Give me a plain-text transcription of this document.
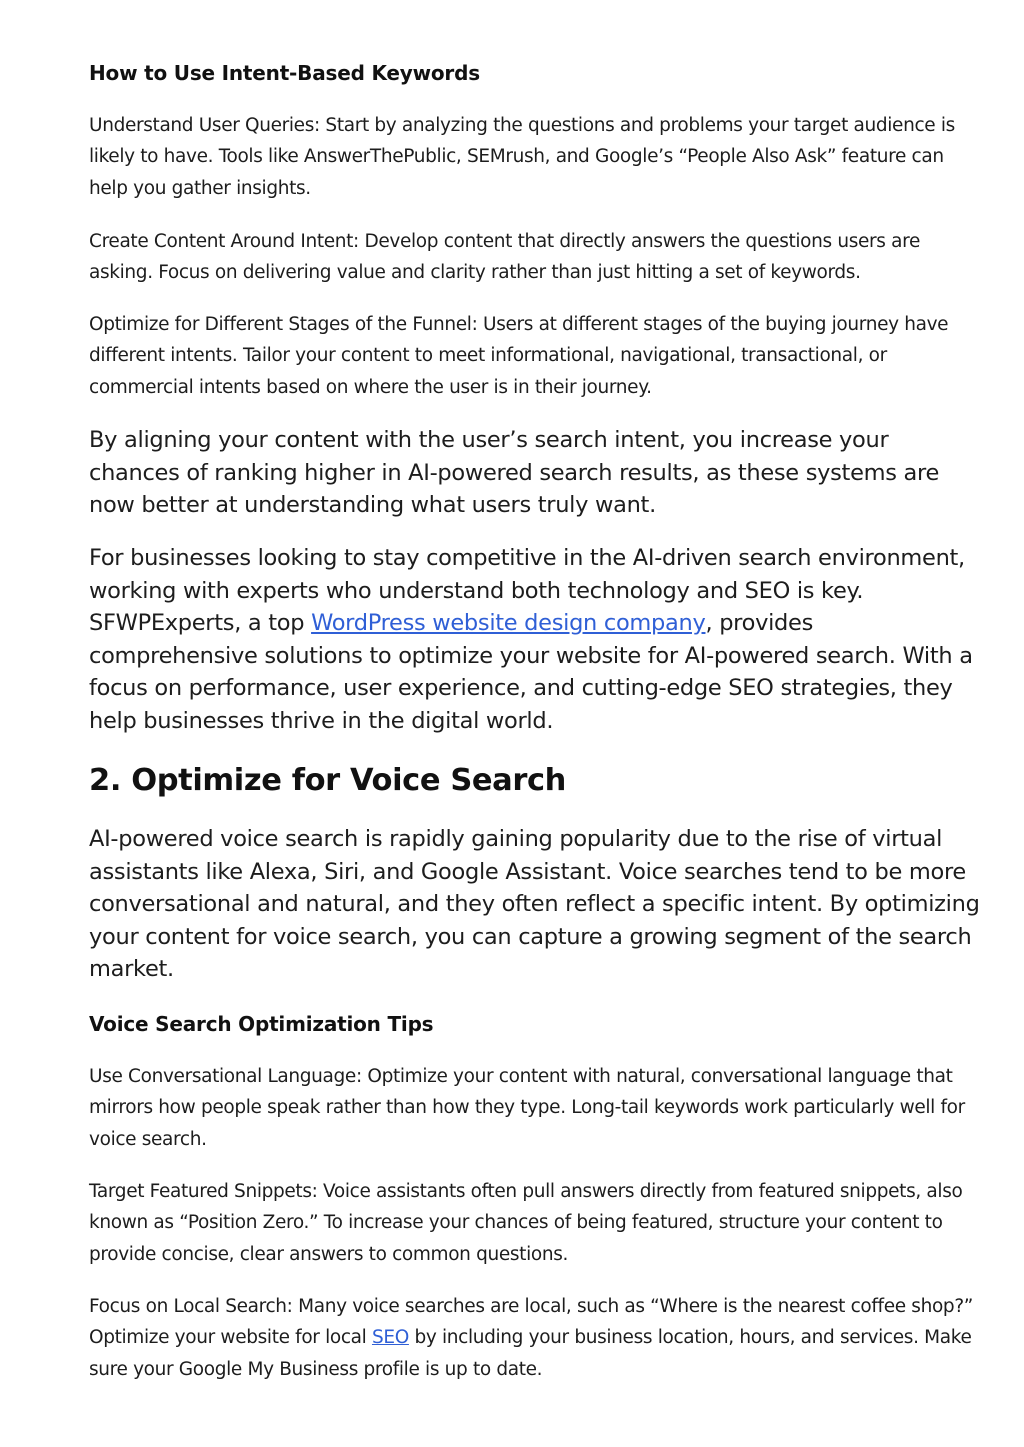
How to Use Intent-Based Keywords

Understand User Queries: Start by analyzing the questions and problems your target audience is likely to have. Tools like AnswerThePublic, SEMrush, and Google’s “People Also Ask” feature can help you gather insights.

Create Content Around Intent: Develop content that directly answers the questions users are asking. Focus on delivering value and clarity rather than just hitting a set of keywords.

Optimize for Different Stages of the Funnel: Users at different stages of the buying journey have different intents. Tailor your content to meet informational, navigational, transactional, or commercial intents based on where the user is in their journey.

By aligning your content with the user’s search intent, you increase your chances of ranking higher in AI-powered search results, as these systems are now better at understanding what users truly want.

For businesses looking to stay competitive in the AI-driven search environment, working with experts who understand both technology and SEO is key. SFWPExperts, a top WordPress website design company, provides comprehensive solutions to optimize your website for AI-powered search. With a focus on performance, user experience, and cutting-edge SEO strategies, they help businesses thrive in the digital world.

2. Optimize for Voice Search

AI-powered voice search is rapidly gaining popularity due to the rise of virtual assistants like Alexa, Siri, and Google Assistant. Voice searches tend to be more conversational and natural, and they often reflect a specific intent. By optimizing your content for voice search, you can capture a growing segment of the search market.

Voice Search Optimization Tips

Use Conversational Language: Optimize your content with natural, conversational language that mirrors how people speak rather than how they type. Long-tail keywords work particularly well for voice search.

Target Featured Snippets: Voice assistants often pull answers directly from featured snippets, also known as “Position Zero.” To increase your chances of being featured, structure your content to provide concise, clear answers to common questions.

Focus on Local Search: Many voice searches are local, such as “Where is the nearest coffee shop?” Optimize your website for local SEO by including your business location, hours, and services. Make sure your Google My Business profile is up to date.
